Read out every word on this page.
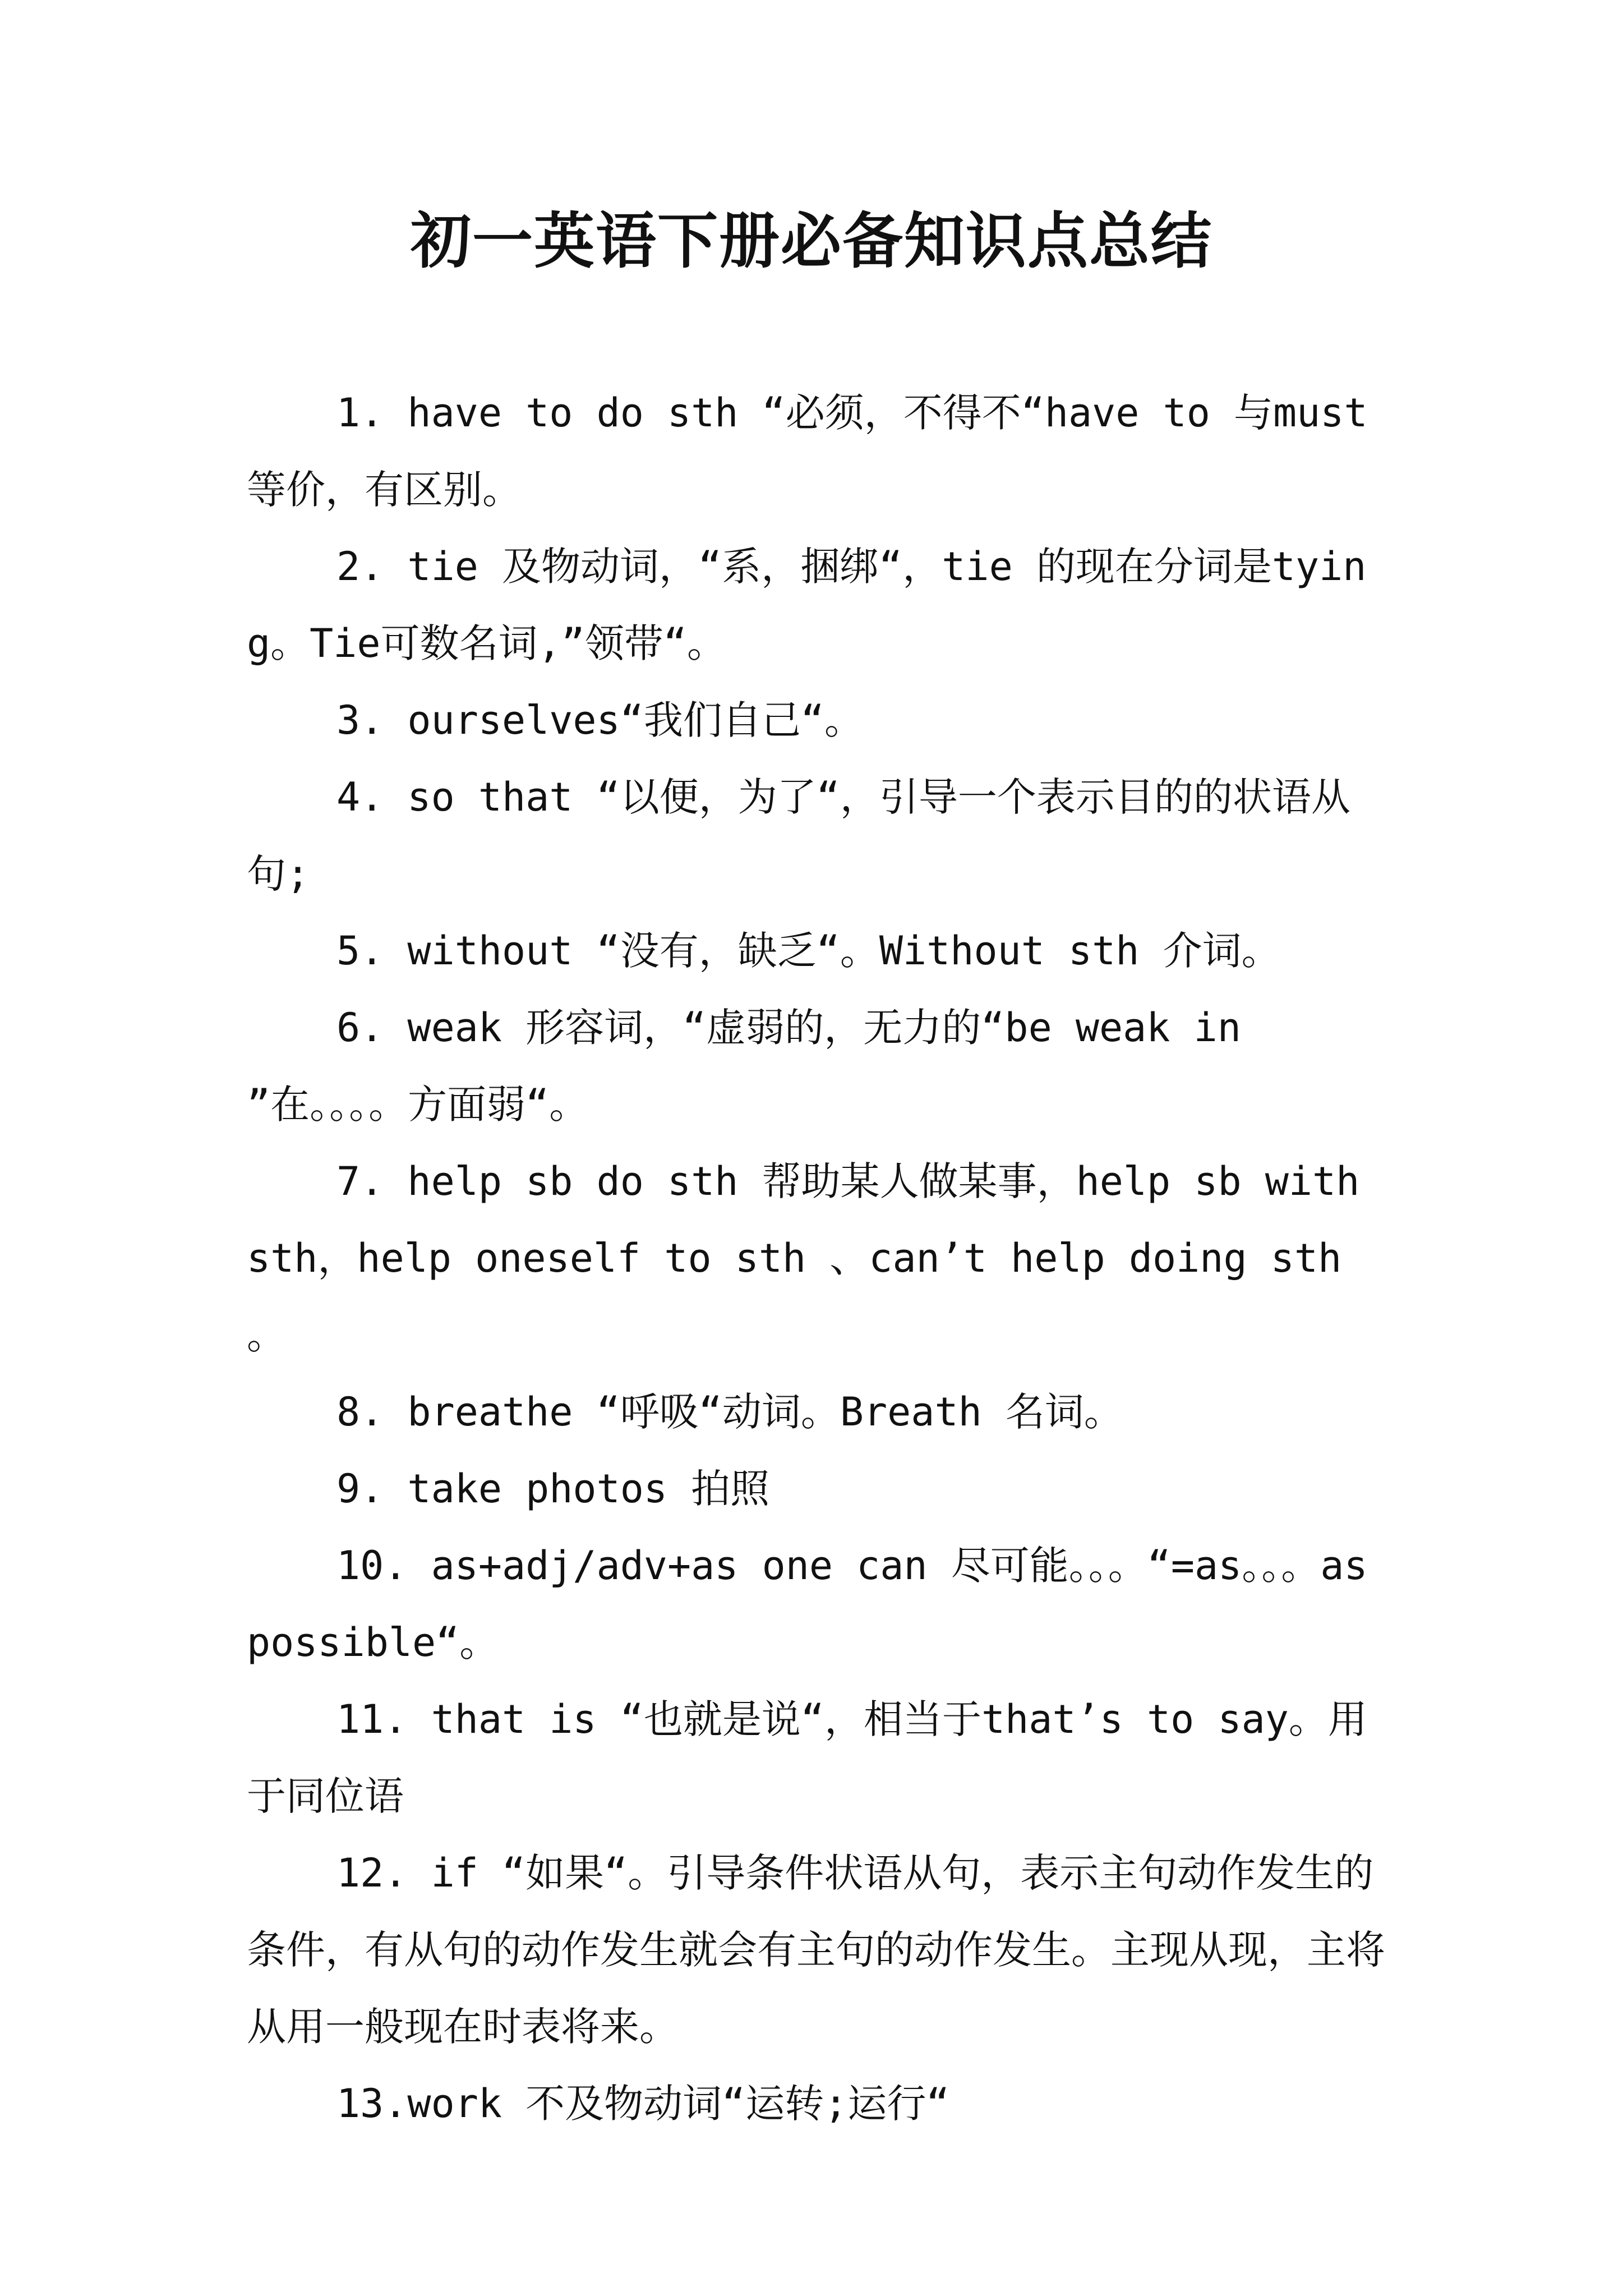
初一英语下册必备知识点总结

1. have to do sth “必须，不得不“have to 与must等价，有区别。

2. tie 及物动词，“系，捆绑“，tie 的现在分词是tying。Tie可数名词,”领带“。

3. ourselves“我们自己“。

4. so that “以便，为了“，引导一个表示目的的状语从句;

5. without “没有，缺乏“。Without sth 介词。

6. weak 形容词，“虚弱的，无力的“be weak in ”在。。。。方面弱“。

7. help sb do sth 帮助某人做某事，help sb with sth，help oneself to sth 、can’t help doing sth 。

8. breathe “呼吸“动词。Breath 名词。

9. take photos 拍照

10. as+adj/adv+as one can 尽可能。。。“=as。。。as possible“。

11. that is “也就是说“，相当于that’s to say。用于同位语

12. if “如果“。引导条件状语从句，表示主句动作发生的条件，有从句的动作发生就会有主句的动作发生。主现从现，主将从用一般现在时表将来。

13.work 不及物动词“运转;运行“
